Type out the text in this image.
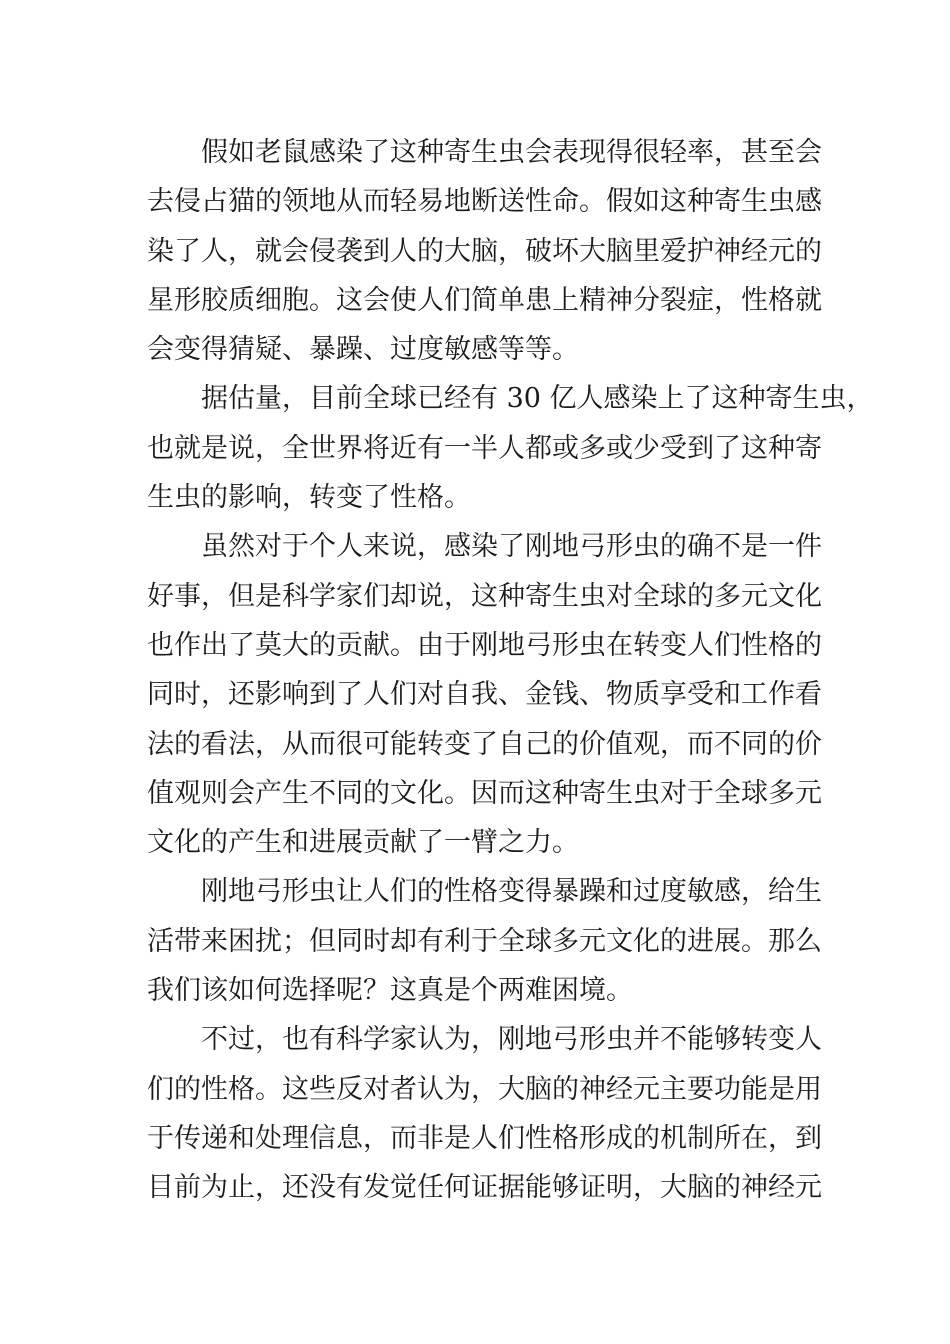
假如老鼠感染了这种寄生虫会表现得很轻率，甚至会
去侵占猫的领地从而轻易地断送性命。假如这种寄生虫感
染了人，就会侵袭到人的大脑，破坏大脑里爱护神经元的
星形胶质细胞。这会使人们简单患上精神分裂症，性格就
会变得猜疑、暴躁、过度敏感等等。
据估量，目前全球已经有 30 亿人感染上了这种寄生虫，
也就是说，全世界将近有一半人都或多或少受到了这种寄
生虫的影响，转变了性格。
虽然对于个人来说，感染了刚地弓形虫的确不是一件
好事，但是科学家们却说，这种寄生虫对全球的多元文化
也作出了莫大的贡献。由于刚地弓形虫在转变人们性格的
同时，还影响到了人们对自我、金钱、物质享受和工作看
法的看法，从而很可能转变了自己的价值观，而不同的价
值观则会产生不同的文化。因而这种寄生虫对于全球多元
文化的产生和进展贡献了一臂之力。
刚地弓形虫让人们的性格变得暴躁和过度敏感，给生
活带来困扰；但同时却有利于全球多元文化的进展。那么
我们该如何选择呢？这真是个两难困境。
不过，也有科学家认为，刚地弓形虫并不能够转变人
们的性格。这些反对者认为，大脑的神经元主要功能是用
于传递和处理信息，而非是人们性格形成的机制所在，到
目前为止，还没有发觉任何证据能够证明，大脑的神经元
